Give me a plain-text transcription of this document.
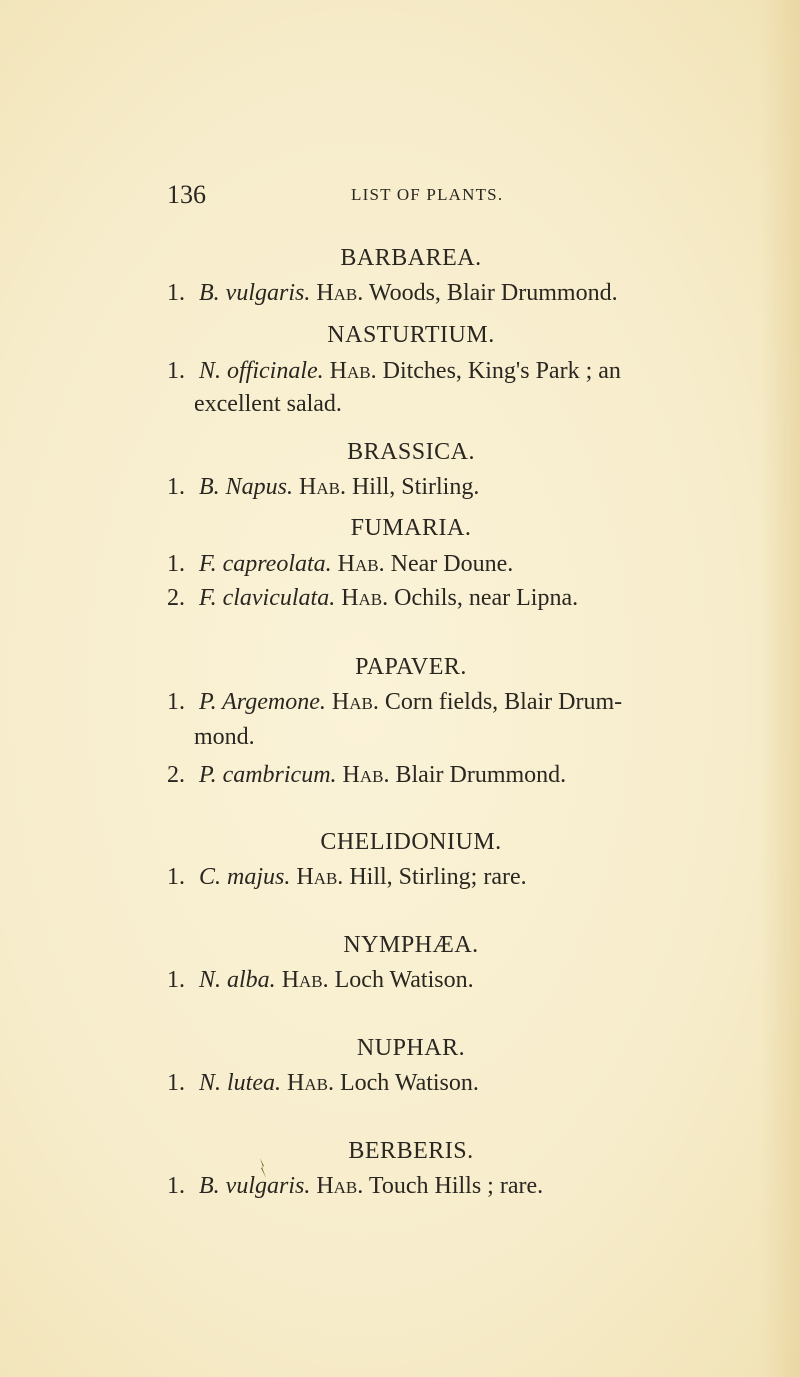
136	LIST OF PLANTS.
BARBAREA.
1. B. vulgaris. Hab. Woods, Blair Drummond.
NASTURTIUM.
1. N. officinale. Hab. Ditches, King's Park ; an
excellent salad.
BRASSICA.
1. B. Napus. Hab. Hill, Stirling.
FUMARIA.
1. F. capreolata. Hab. Near Doune.
2. F. claviculata. Hab. Ochils, near Lipna.
PAPAVER.
1. P. Argemone. Hab. Corn fields, Blair Drum-
mond.
2. P. cambricum. Hab. Blair Drummond.
CHELIDONIUM.
1. C. majus. Hab. Hill, Stirling; rare.
NYMPHÆA.
1. N. alba. Hab. Loch Watison.
NUPHAR.
1. N. lutea. Hab. Loch Watison.
BERBERIS.
1. B. vulgaris. Hab. Touch Hills ; rare.
